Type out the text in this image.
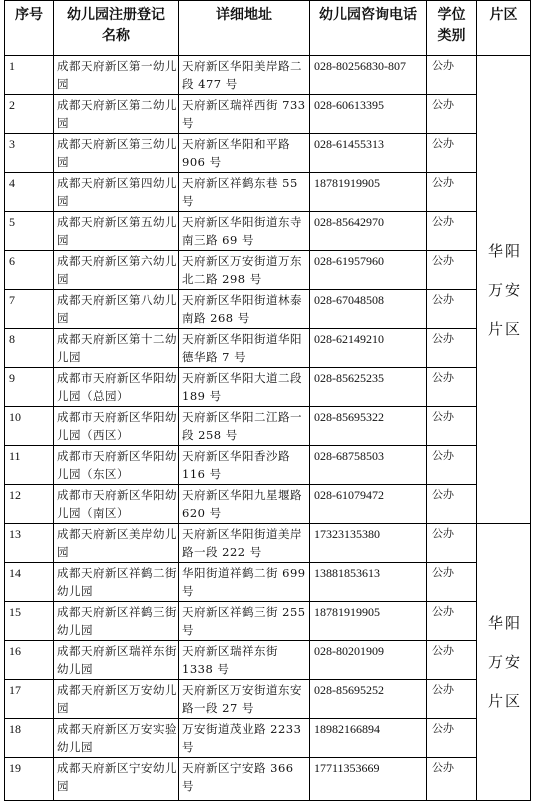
序号	幼儿园注册登记名称	详细地址	幼儿园咨询电话	学位类别	片区
1	成都天府新区第一幼儿园	天府新区华阳美岸路二段 477 号	028-80256830-807	公办	华阳
万安
片区

2	成都天府新区第二幼儿园	天府新区瑞祥西街 733 号	028-60613395	公办	
3	成都天府新区第三幼儿园	天府新区华阳和平路 906 号	028-61455313	公办	
4	成都天府新区第四幼儿园	天府新区祥鹤东巷 55 号	18781919905	公办	
5	成都天府新区第五幼儿园	天府新区华阳街道东寺南三路 69 号	028-85642970	公办	
6	成都天府新区第六幼儿园	天府新区万安街道万东北二路 298 号	028-61957960	公办	
7	成都天府新区第八幼儿园	天府新区华阳街道林泰南路 268 号	028-67048508	公办	
8	成都天府新区第十二幼儿园	天府新区华阳街道华阳德华路 7 号	028-62149210	公办	
9	成都市天府新区华阳幼儿园（总园）	天府新区华阳大道二段 189 号	028-85625235	公办	
10	成都市天府新区华阳幼儿园（西区）	天府新区华阳二江路一段 258 号	028-85695322	公办	
11	成都市天府新区华阳幼儿园（东区）	天府新区华阳香沙路 116 号	028-68758503	公办	
12	成都市天府新区华阳幼儿园（南区）	天府新区华阳九星堰路 620 号	028-61079472	公办	
13	成都天府新区美岸幼儿园	天府新区华阳街道美岸路一段 222 号	17323135380	公办	华阳
万安
片区

14	成都天府新区祥鹤二街幼儿园	华阳街道祥鹤二街 699 号	13881853613	公办	
15	成都天府新区祥鹤三街幼儿园	天府新区祥鹤三街 255 号	18781919905	公办	
16	成都天府新区瑞祥东街幼儿园	天府新区瑞祥东街 1338 号	028-80201909	公办	
17	成都天府新区万安幼儿园	天府新区万安街道东安路一段 27 号	028-85695252	公办	
18	成都天府新区万安实验幼儿园	万安街道茂业路 2233 号	18982166894	公办	
19	成都天府新区宁安幼儿园	天府新区宁安路 366 号	17711353669	公办	
